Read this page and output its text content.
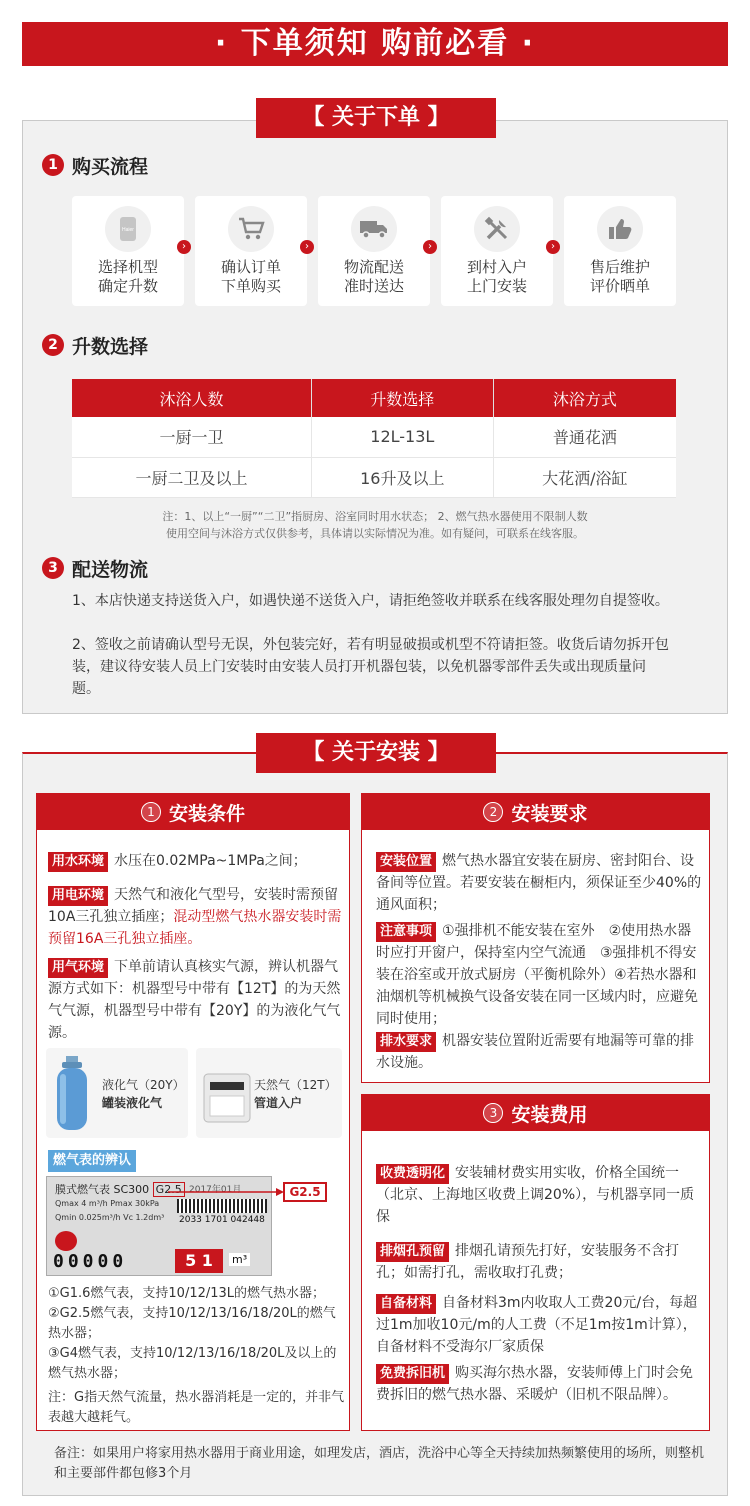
· 下单须知 购前必看 ·
【 关于下单 】
1 购买流程
Haier
选择机型
确定升数
›
确认订单
下单购买
›
物流配送
准时送达
›
到村入户
上门安装
›
售后维护
评价晒单
2 升数选择
沐浴人数	升数选择	沐浴方式
一厨一卫	12L-13L	普通花洒
一厨二卫及以上	16升及以上	大花洒/浴缸
注：1、以上“一厨”“二卫”指厨房、浴室同时用水状态； 2、燃气热水器使用不限制人数
使用空间与沐浴方式仅供参考，具体请以实际情况为准。如有疑问，可联系在线客服。
3 配送物流
1、本店快递支持送货入户，如遇快递不送货入户，请拒绝签收并联系在线客服处理勿自提签收。
2、签收之前请确认型号无误，外包装完好，若有明显破损或机型不符请拒签。收货后请勿拆开包装，建议待安装人员上门安装时由安装人员打开机器包装，以免机器零部件丢失或出现质量问题。
【 关于安装 】
1 安装条件
用水环境 水压在0.02MPa~1MPa之间；
用电环境 天然气和液化气型号，安装时需预留10A三孔独立插座；混动型燃气热水器安装时需预留16A三孔独立插座。
用气环境 下单前请认真核实气源，辨认机器气源方式如下：机器型号中带有【12T】的为天然气气源，机器型号中带有【20Y】的为液化气气源。
液化气（20Y）
罐装液化气
天然气（12T）
管道入户
燃气表的辨认
膜式燃气表 SC300 G2.5 2017年01月
Qmax 4 m³/h Pmax 30kPa
Qmin 0.025m³/h Vc 1.2dm³ 2033 1701 042448
00000	5 1	m³
G2.5
①G1.6燃气表，支持10/12/13L的燃气热水器；
②G2.5燃气表，支持10/12/13/16/18/20L的燃气热水器；
③G4燃气表，支持10/12/13/16/18/20L及以上的燃气热水器；
注：G指天然气流量，热水器消耗是一定的，并非气表越大越耗气。
2 安装要求
安装位置 燃气热水器宜安装在厨房、密封阳台、设备间等位置。若要安装在橱柜内，须保证至少40%的通风面积；
注意事项 ①强排机不能安装在室外　②使用热水器时应打开窗户，保持室内空气流通　③强排机不得安装在浴室或开放式厨房（平衡机除外）④若热水器和油烟机等机械换气设备安装在同一区域内时，应避免同时使用；
排水要求 机器安装位置附近需要有地漏等可靠的排水设施。
3 安装费用
收费透明化 安装辅材费实用实收，价格全国统一（北京、上海地区收费上调20%），与机器享同一质保
排烟孔预留 排烟孔请预先打好，安装服务不含打孔；如需打孔，需收取打孔费；
自备材料 自备材料3m内收取人工费20元/台，每超过1m加收10元/m的人工费（不足1m按1m计算），自备材料不受海尔厂家质保
免费拆旧机 购买海尔热水器，安装师傅上门时会免费拆旧的燃气热水器、采暖炉（旧机不限品牌）。
备注：如果用户将家用热水器用于商业用途，如理发店，酒店，洗浴中心等全天持续加热频繁使用的场所，则整机和主要部件都包修3个月
